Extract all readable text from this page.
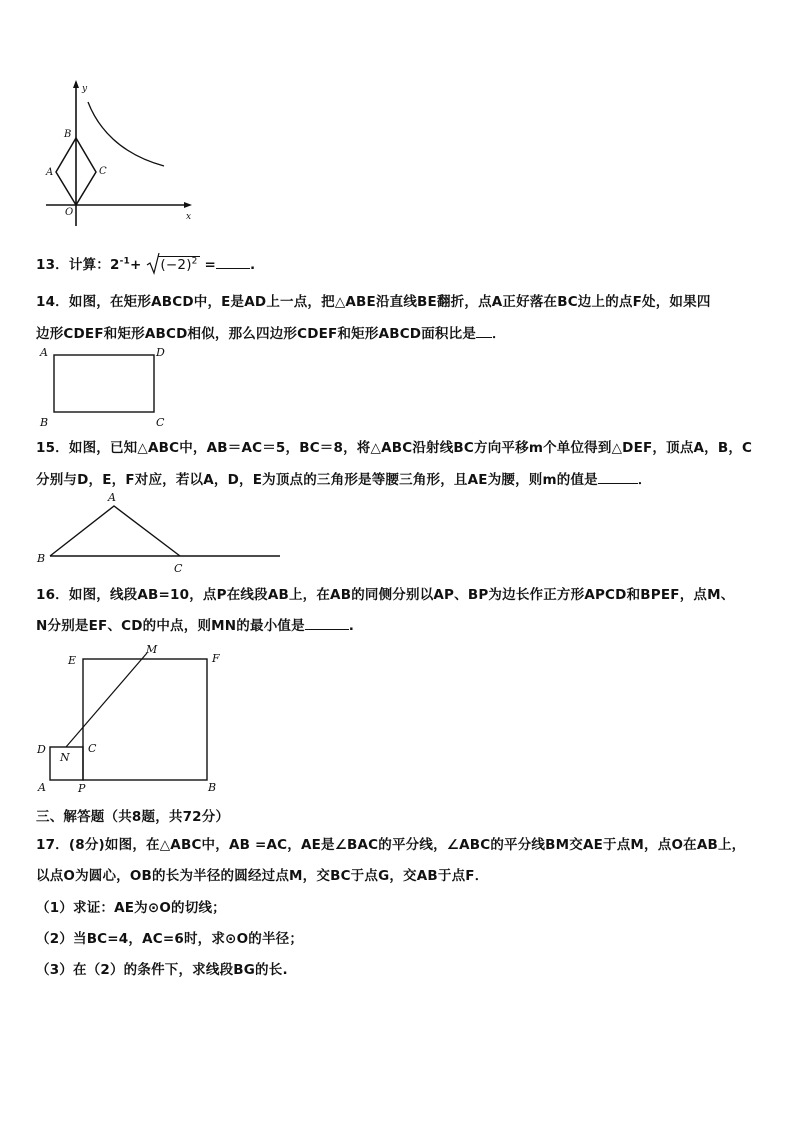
y
x
B
A	C
O
13．计算：$2^{-1}+ (-2)^2$ =	.
14．如图，在矩形ABCD中，E是AD上一点，把△ABE沿直线BE翻折，点A正好落在BC边上的点F处，如果四
边形CDEF和矩形ABCD相似，那么四边形CDEF和矩形ABCD面积比是 ．
A	D
B	C
15．如图，已知△ABC中，AB＝AC＝5，BC＝8，将△ABC沿射线BC方向平移m个单位得到△DEF，顶点A，B，C
分别与D，E，F对应，若以A，D，E为顶点的三角形是等腰三角形，且AE为腰，则m的值是	．
A
B
C
16．如图，线段AB=10，点P在线段AB上，在AB的同侧分别以AP、BP为边长作正方形APCD和BPEF，点M、
N分别是EF、CD的中点，则MN的最小值是	.
E
M
F
D	C
N
A	P	B
三、解答题（共8题，共72分）
17．(8分)如图，在△ABC中，AB =AC，AE是∠BAC的平分线，∠ABC的平分线BM交AE于点M，点O在AB上，
以点O为圆心，OB的长为半径的圆经过点M，交BC于点G，交AB于点F．
（1）求证：AE为⊙O的切线；
（2）当BC=4，AC=6时，求⊙O的半径；
（3）在（2）的条件下，求线段BG的长.
